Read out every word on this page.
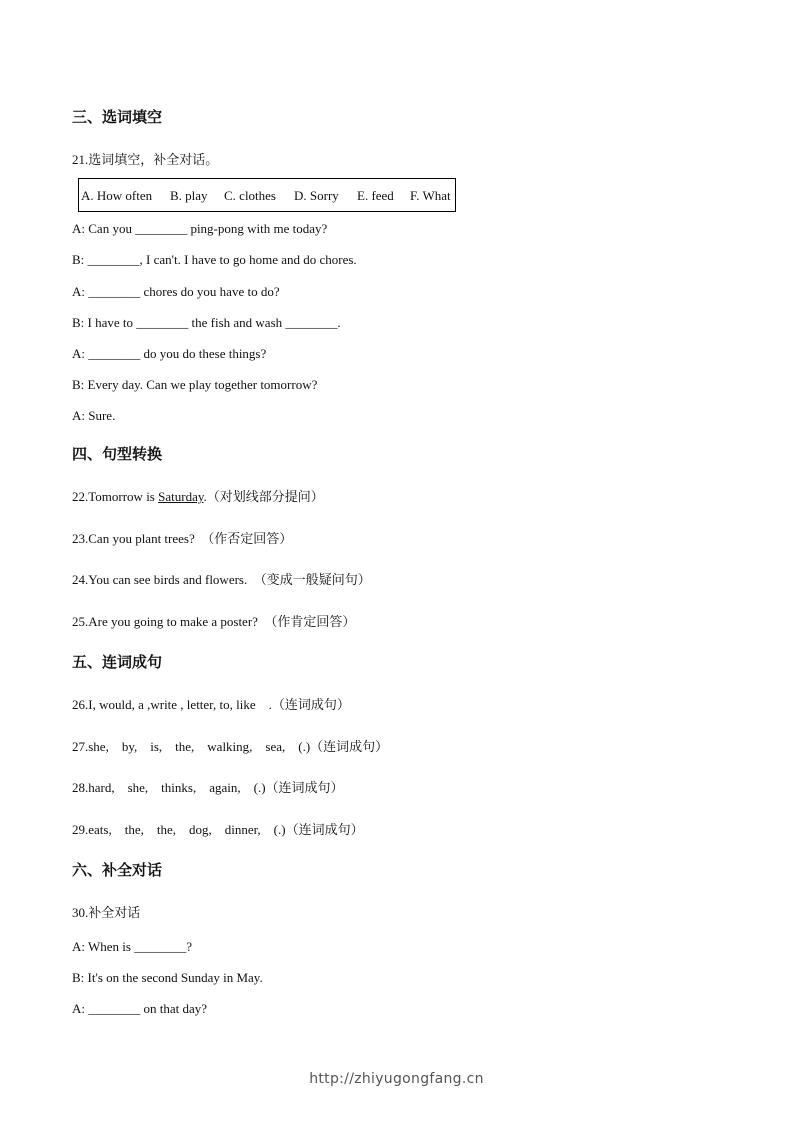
三、选词填空
21.选词填空，补全对话。
A. How often B. play C. clothes D. Sorry E. feed F. What
A: Can you ________ ping-pong with me today?
B: ________, I can't. I have to go home and do chores.
A: ________ chores do you have to do?
B: I have to ________ the fish and wash ________.
A: ________ do you do these things?
B: Every day. Can we play together tomorrow?
A: Sure.
四、句型转换
22.Tomorrow is Saturday.（对划线部分提问）
23.Can you plant trees?　（作否定回答）
24.You can see birds and flowers.　（变成一般疑问句）
25.Are you going to make a poster?　（作肯定回答）
五、连词成句
26.I, would, a ,write , letter, to, like　.（连词成句）
27.she,　by,　is,　the,　walking,　sea,　(.)（连词成句）
28.hard,　she,　thinks,　again,　(.)（连词成句）
29.eats,　the,　the,　dog,　dinner,　(.)（连词成句）
六、补全对话
30.补全对话
A: When is ________?
B: It's on the second Sunday in May.
A: ________ on that day?
http://zhiyugongfang.cn
